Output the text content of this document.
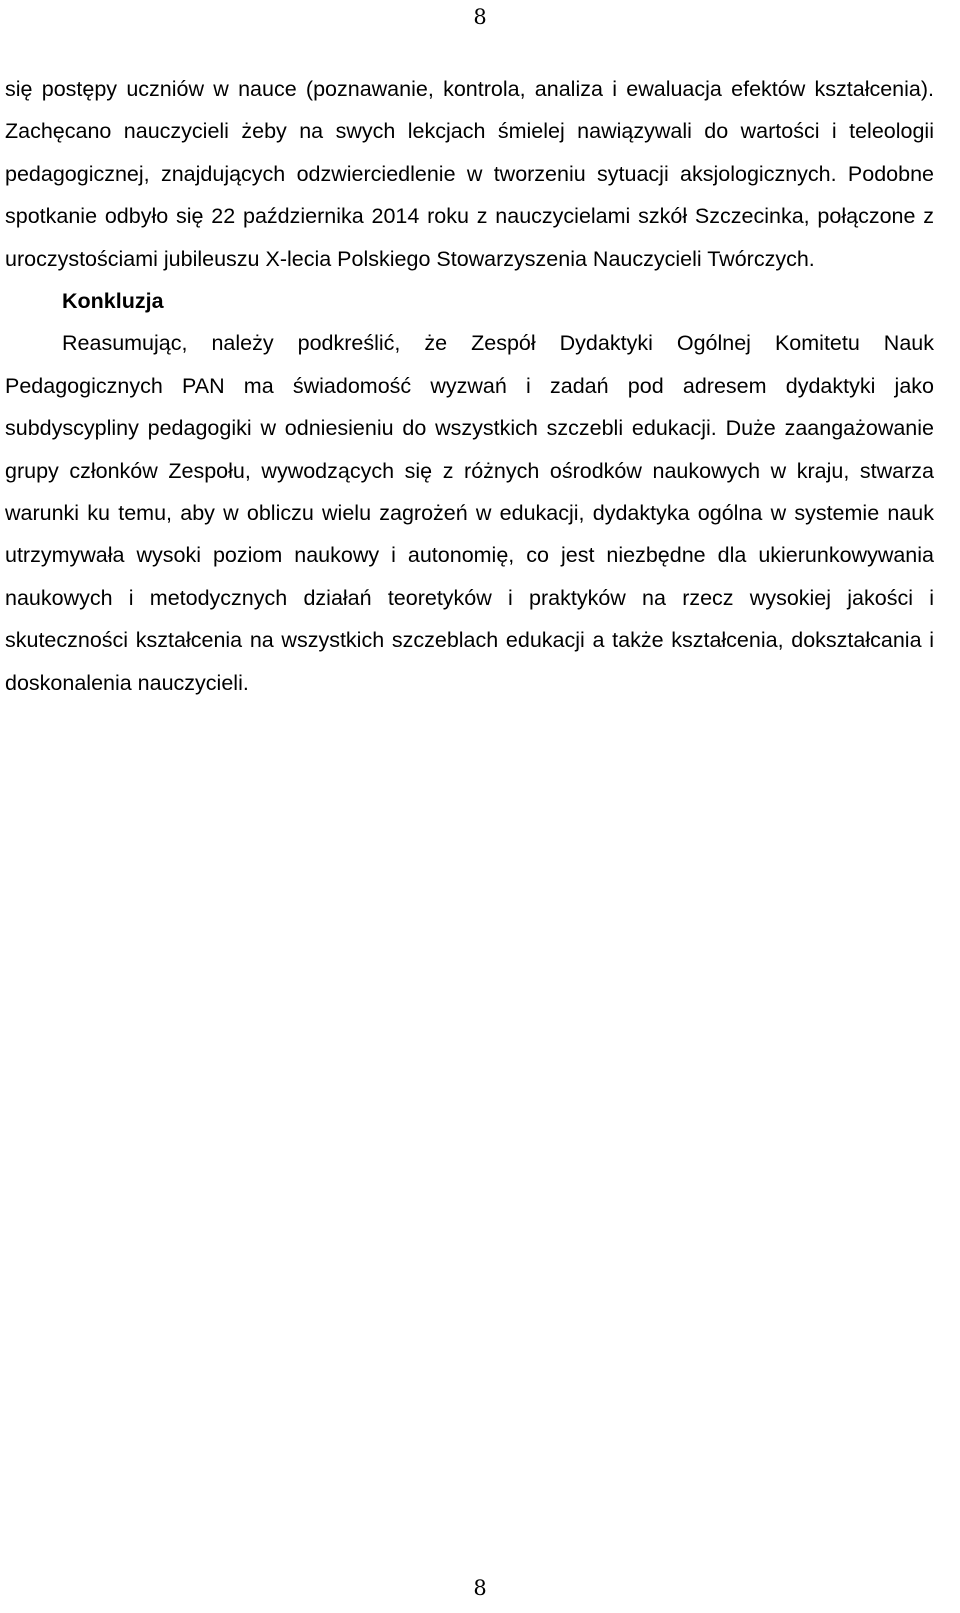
8

się postępy uczniów w nauce (poznawanie, kontrola, analiza i ewaluacja efektów kształcenia). Zachęcano nauczycieli żeby na swych lekcjach śmielej nawiązywali do wartości i teleologii pedagogicznej, znajdujących odzwierciedlenie w tworzeniu sytuacji aksjologicznych. Podobne spotkanie odbyło się 22 października 2014 roku z nauczycielami szkół Szczecinka, połączone z uroczystościami jubileuszu X-lecia Polskiego Stowarzyszenia Nauczycieli Twórczych.

Konkluzja

Reasumując, należy podkreślić, że Zespół Dydaktyki Ogólnej Komitetu Nauk Pedagogicznych PAN ma świadomość wyzwań i zadań pod adresem dydaktyki jako subdyscypliny pedagogiki w odniesieniu do wszystkich szczebli edukacji. Duże zaangażowanie grupy członków Zespołu, wywodzących się z różnych ośrodków naukowych w kraju, stwarza warunki ku temu, aby w obliczu wielu zagrożeń w edukacji, dydaktyka ogólna w systemie nauk utrzymywała wysoki poziom naukowy i autonomię, co jest niezbędne dla ukierunkowywania naukowych i metodycznych działań teoretyków i praktyków na rzecz wysokiej jakości i skuteczności kształcenia na wszystkich szczeblach edukacji a także kształcenia, dokształcania i doskonalenia nauczycieli.

8
